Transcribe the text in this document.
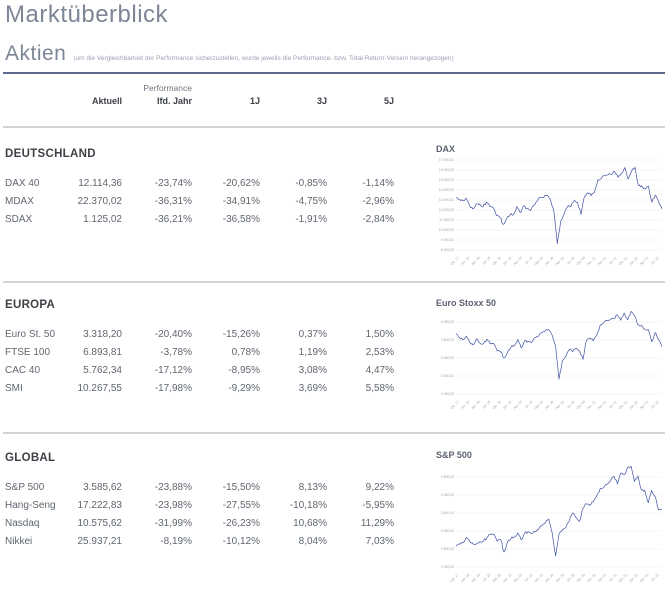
Marktüberblick
Aktien (um die Vergleichbarkeit der Performance sicherzustellen, wurde jeweils die Performance- bzw. Total-Return-Version herangezogen)
Performance
Aktuell	Ifd. Jahr	1J	3J	5J
DEUTSCHLAND
DAX 40	12.114,36	-23,74%	-20,62%	-0,85%	-1,14%
MDAX	22.370,02	-36,31%	-34,91%	-4,75%	-2,96%
SDAX	1.125,02	-36,21%	-36,58%	-1,91%	-2,84%
EUROPA
Euro St. 50	3.318,20	-20,40%	-15,26%	0,37%	1,50%
FTSE 100	6.893,81	-3,78%	0,78%	1,19%	2,53%
CAC 40	5.762,34	-17,12%	-8,95%	3,08%	4,47%
SMI	10.267,55	-17,98%	-9,29%	3,69%	5,58%
GLOBAL
S&P 500	3.585,62	-23,88%	-15,50%	8,13%	9,22%
Hang-Seng	17.222,83	-23,98%	-27,55%	-10,18%	-5,95%
Nasdaq	10.575,62	-31,99%	-26,23%	10,68%	11,29%
Nikkei	25.937,21	-8,19%	-10,12%	8,04%	7,03%
DAX
17.000,00
16.000,00
15.000,00
14.000,00
13.000,00
12.000,00
11.000,00
10.000,00
9.000,00
8.000,00
Okt. 17 Jan. 18 Apr. 18 Jul. 18 Okt. 18 Jan. 19 Apr. 19 Jul. 19 Okt. 19 Jan. 20 Apr. 20 Jul. 20 Okt. 20 Jan. 21 Apr. 21 Jul. 21 Okt. 21 Jan. 22 Apr. 22 Jul. 22
Euro Stoxx 50
4.000,00
3.500,00
3.000,00
2.500,00
2.000,00
Okt. 17 Jan. 18 Apr. 18 Jul. 18 Okt. 18 Jan. 19 Apr. 19 Jul. 19 Okt. 19 Jan. 20 Apr. 20 Jul. 20 Okt. 20 Jan. 21 Apr. 21 Jul. 21 Okt. 21 Jan. 22 Apr. 22 Jul. 22
S&P 500
4.500,00
4.000,00
3.500,00
3.000,00
2.500,00
2.000,00
Okt. 17 Jan. 18 Apr. 18 Jul. 18 Okt. 18 Jan. 19 Apr. 19 Jul. 19 Okt. 19 Jan. 20 Apr. 20 Jul. 20 Okt. 20 Jan. 21 Apr. 21 Jul. 21 Okt. 21 Jan. 22 Apr. 22 Jul. 22
